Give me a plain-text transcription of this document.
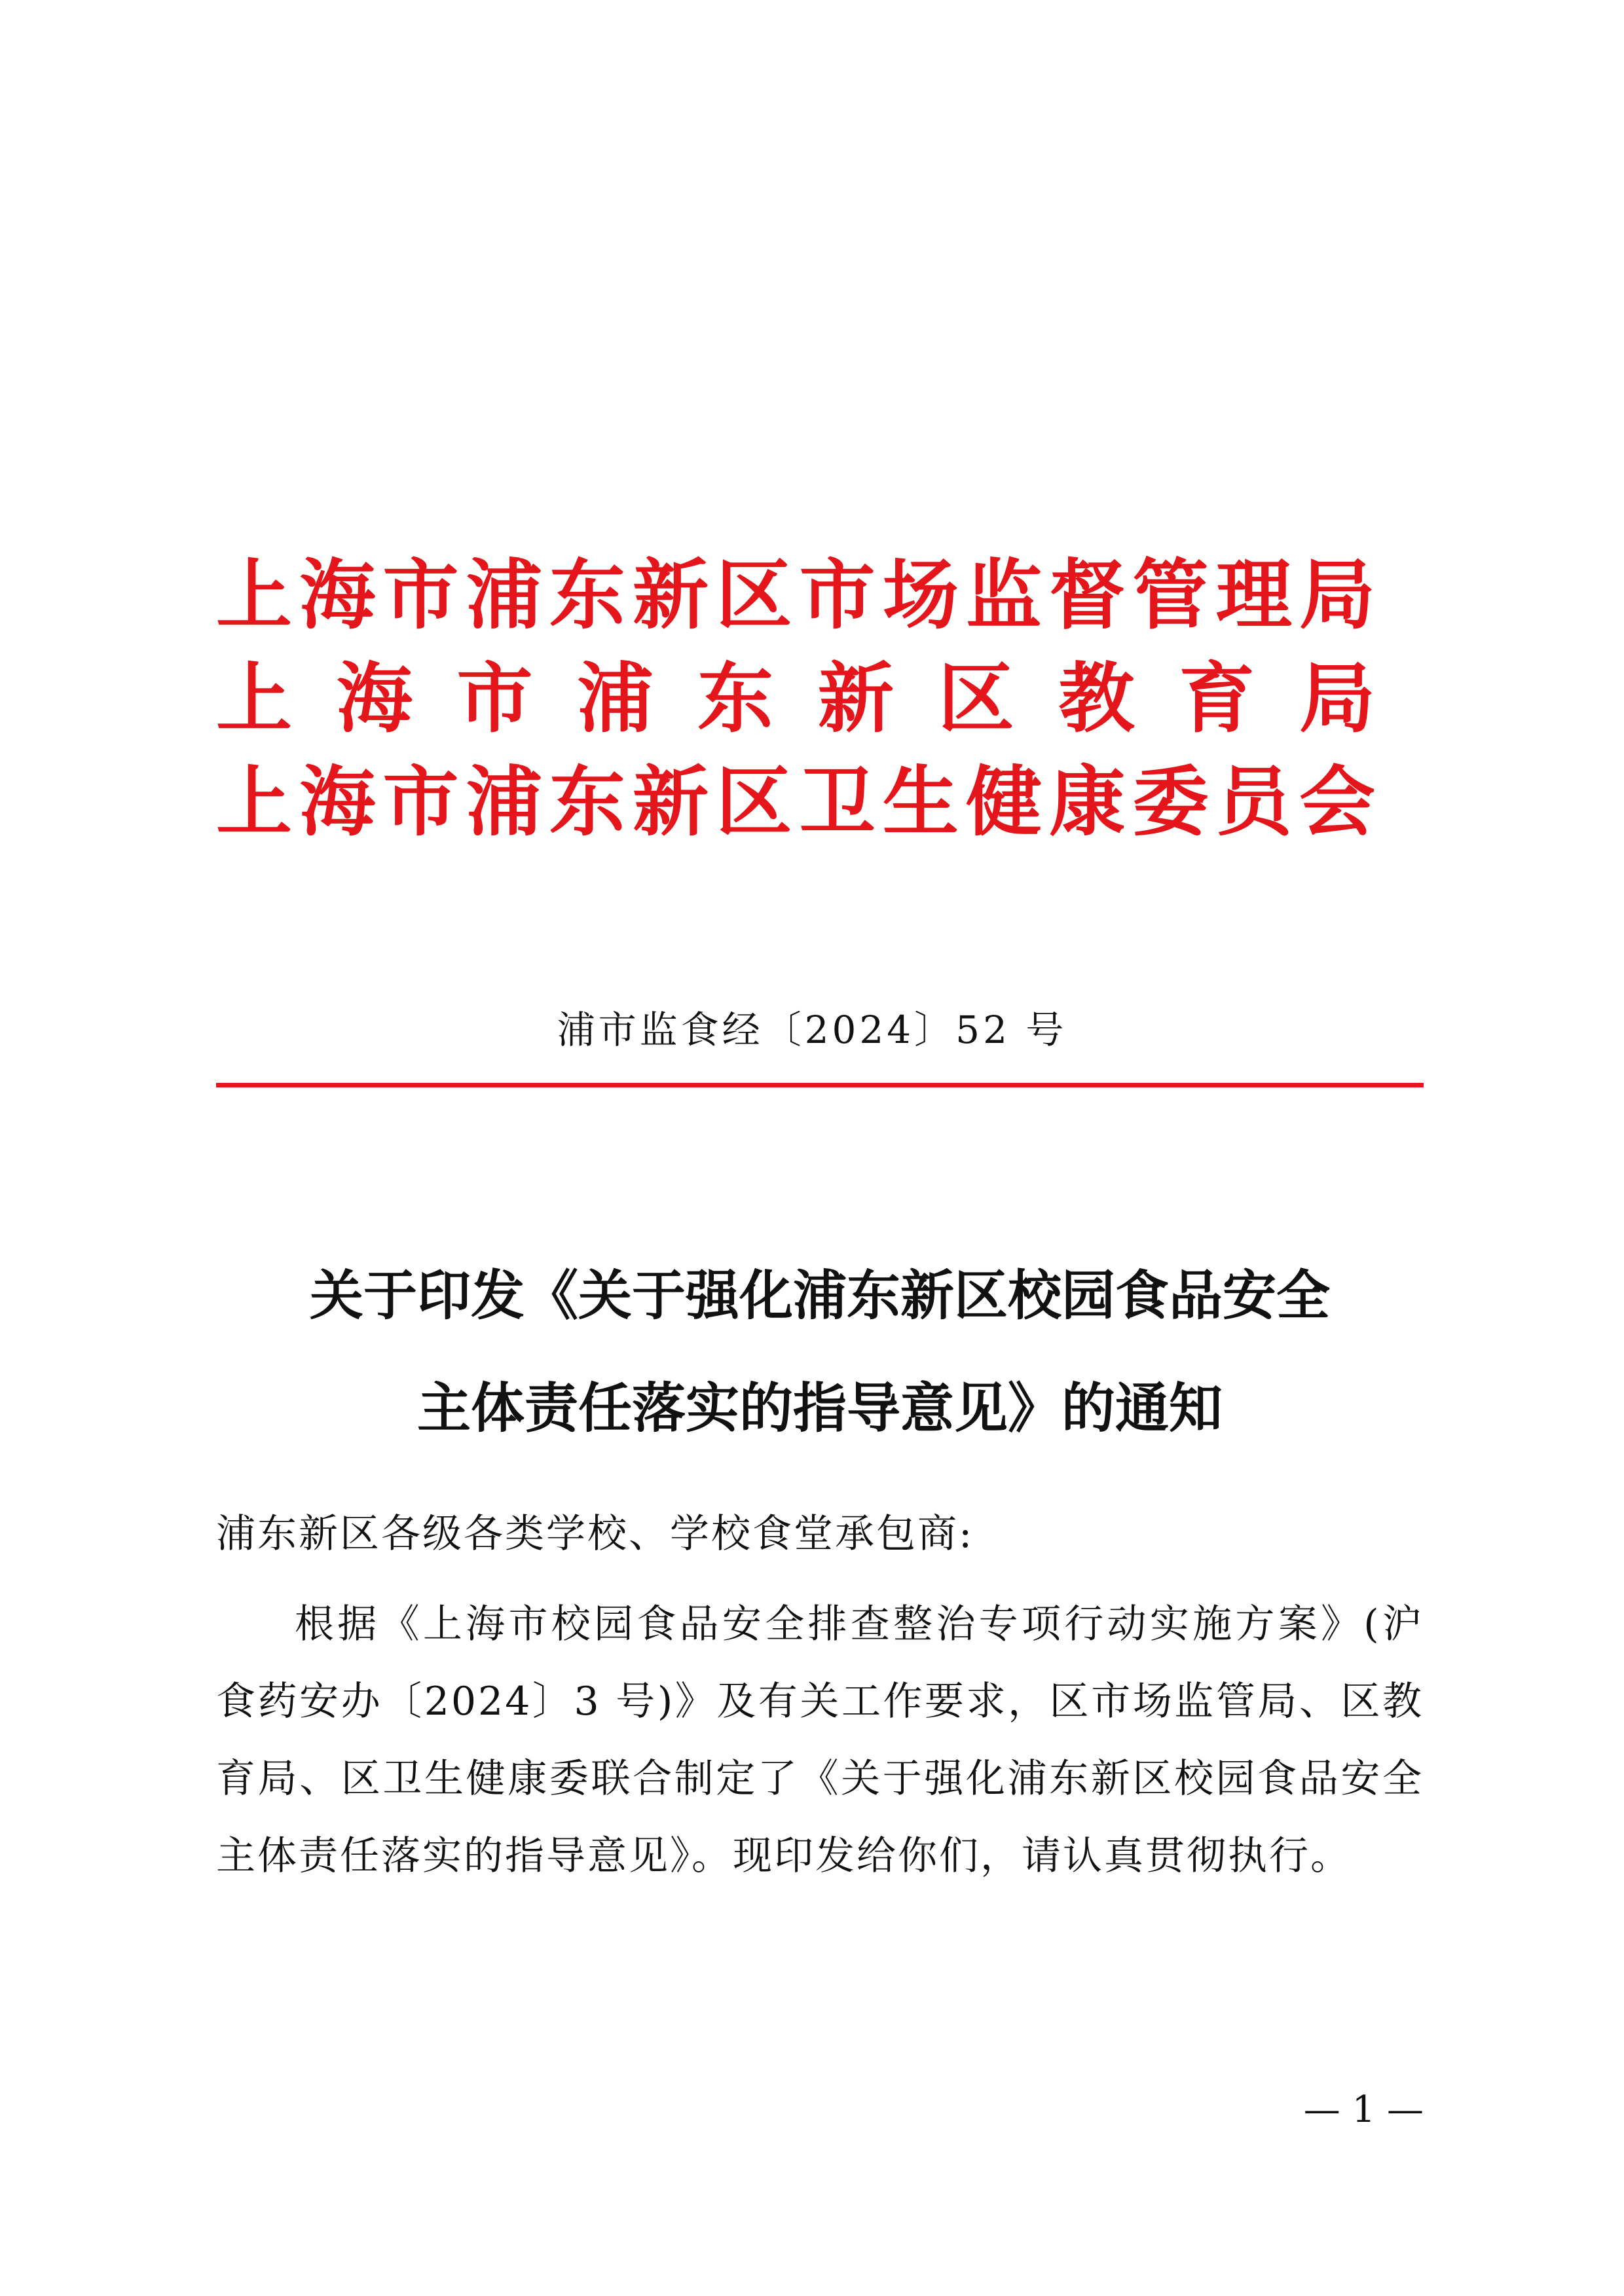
上海市浦东新区市场监督管理局
上海市浦东新区教育局
上海市浦东新区卫生健康委员会
浦市监食经〔2024〕52 号
关于印发《关于强化浦东新区校园食品安全
主体责任落实的指导意见》的通知
浦东新区各级各类学校、学校食堂承包商:

根据《上海市校园食品安全排查整治专项行动实施方案》(沪食药安办〔2024〕3 号)》及有关工作要求，区市场监管局、区教育局、区卫生健康委联合制定了《关于强化浦东新区校园食品安全主体责任落实的指导意见》。现印发给你们，请认真贯彻执行。

— 1 —
